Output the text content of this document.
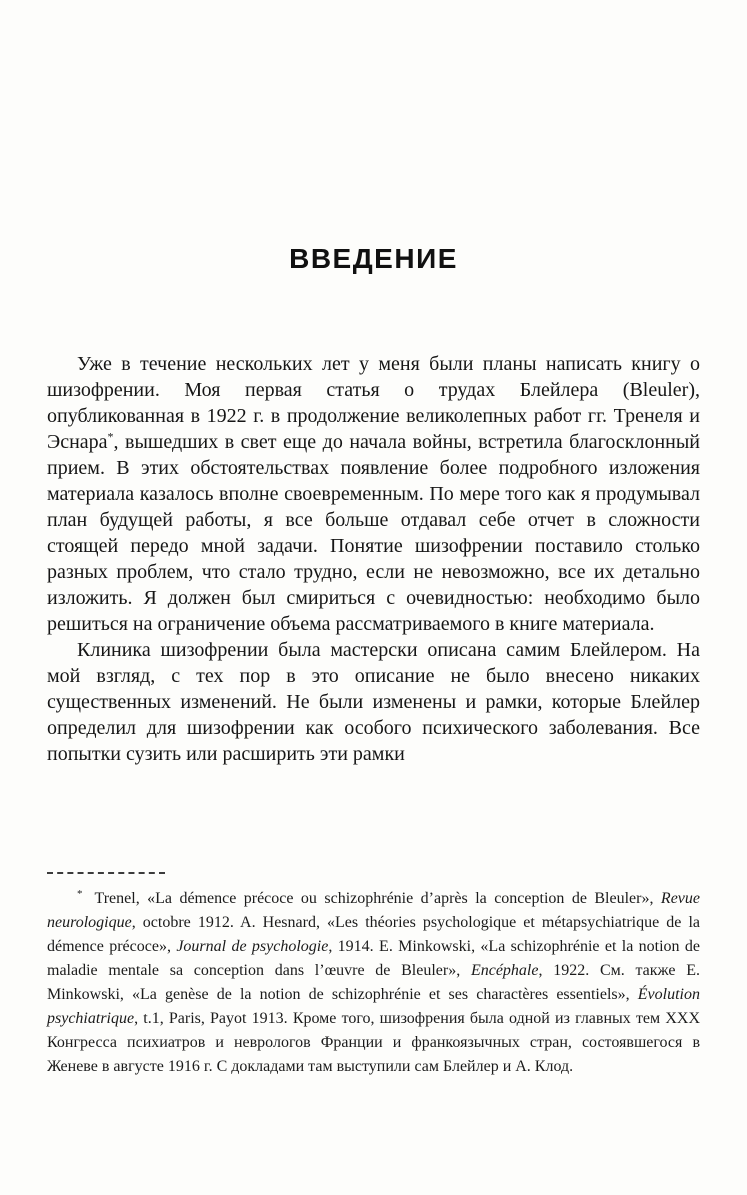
ВВЕДЕНИЕ

Уже в течение нескольких лет у меня были планы написать книгу о шизофрении. Моя первая статья о трудах Блейлера (Bleuler), опубликованная в 1922 г. в продолжение великолепных работ гг. Тренеля и Эснара*, вышедших в свет еще до начала войны, встретила благосклонный прием. В этих обстоятельствах появление более подробного изложения материала казалось вполне своевременным. По мере того как я продумывал план будущей работы, я все больше отдавал себе отчет в сложности стоящей передо мной задачи. Понятие шизофрении поставило столько разных проблем, что стало трудно, если не невозможно, все их детально изложить. Я должен был смириться с очевидностью: необходимо было решиться на ограничение объема рассматриваемого в книге материала.

Клиника шизофрении была мастерски описана самим Блейлером. На мой взгляд, с тех пор в это описание не было внесено никаких существенных изменений. Не были изменены и рамки, которые Блейлер определил для шизофрении как особого психического заболевания. Все попытки сузить или расширить эти рамки

* Trenel, «La démence précoce ou schizophrénie d’après la conception de Bleuler», Revue neurologique, octobre 1912. A. Hesnard, «Les théories psychologique et métapsychiatrique de la démence précoce», Journal de psychologie, 1914. E. Minkowski, «La schizophrénie et la notion de maladie mentale sa conception dans l’œuvre de Bleuler», Encéphale, 1922. См. также E. Minkowski, «La genèse de la notion de schizophrénie et ses charactères essentiels», Évolution psychiatrique, t.1, Paris, Payot 1913. Кроме того, шизофрения была одной из главных тем XXX Конгресса психиатров и неврологов Франции и франкоязычных стран, состоявшегося в Женеве в августе 1916 г. С докладами там выступили сам Блейлер и А. Клод.
